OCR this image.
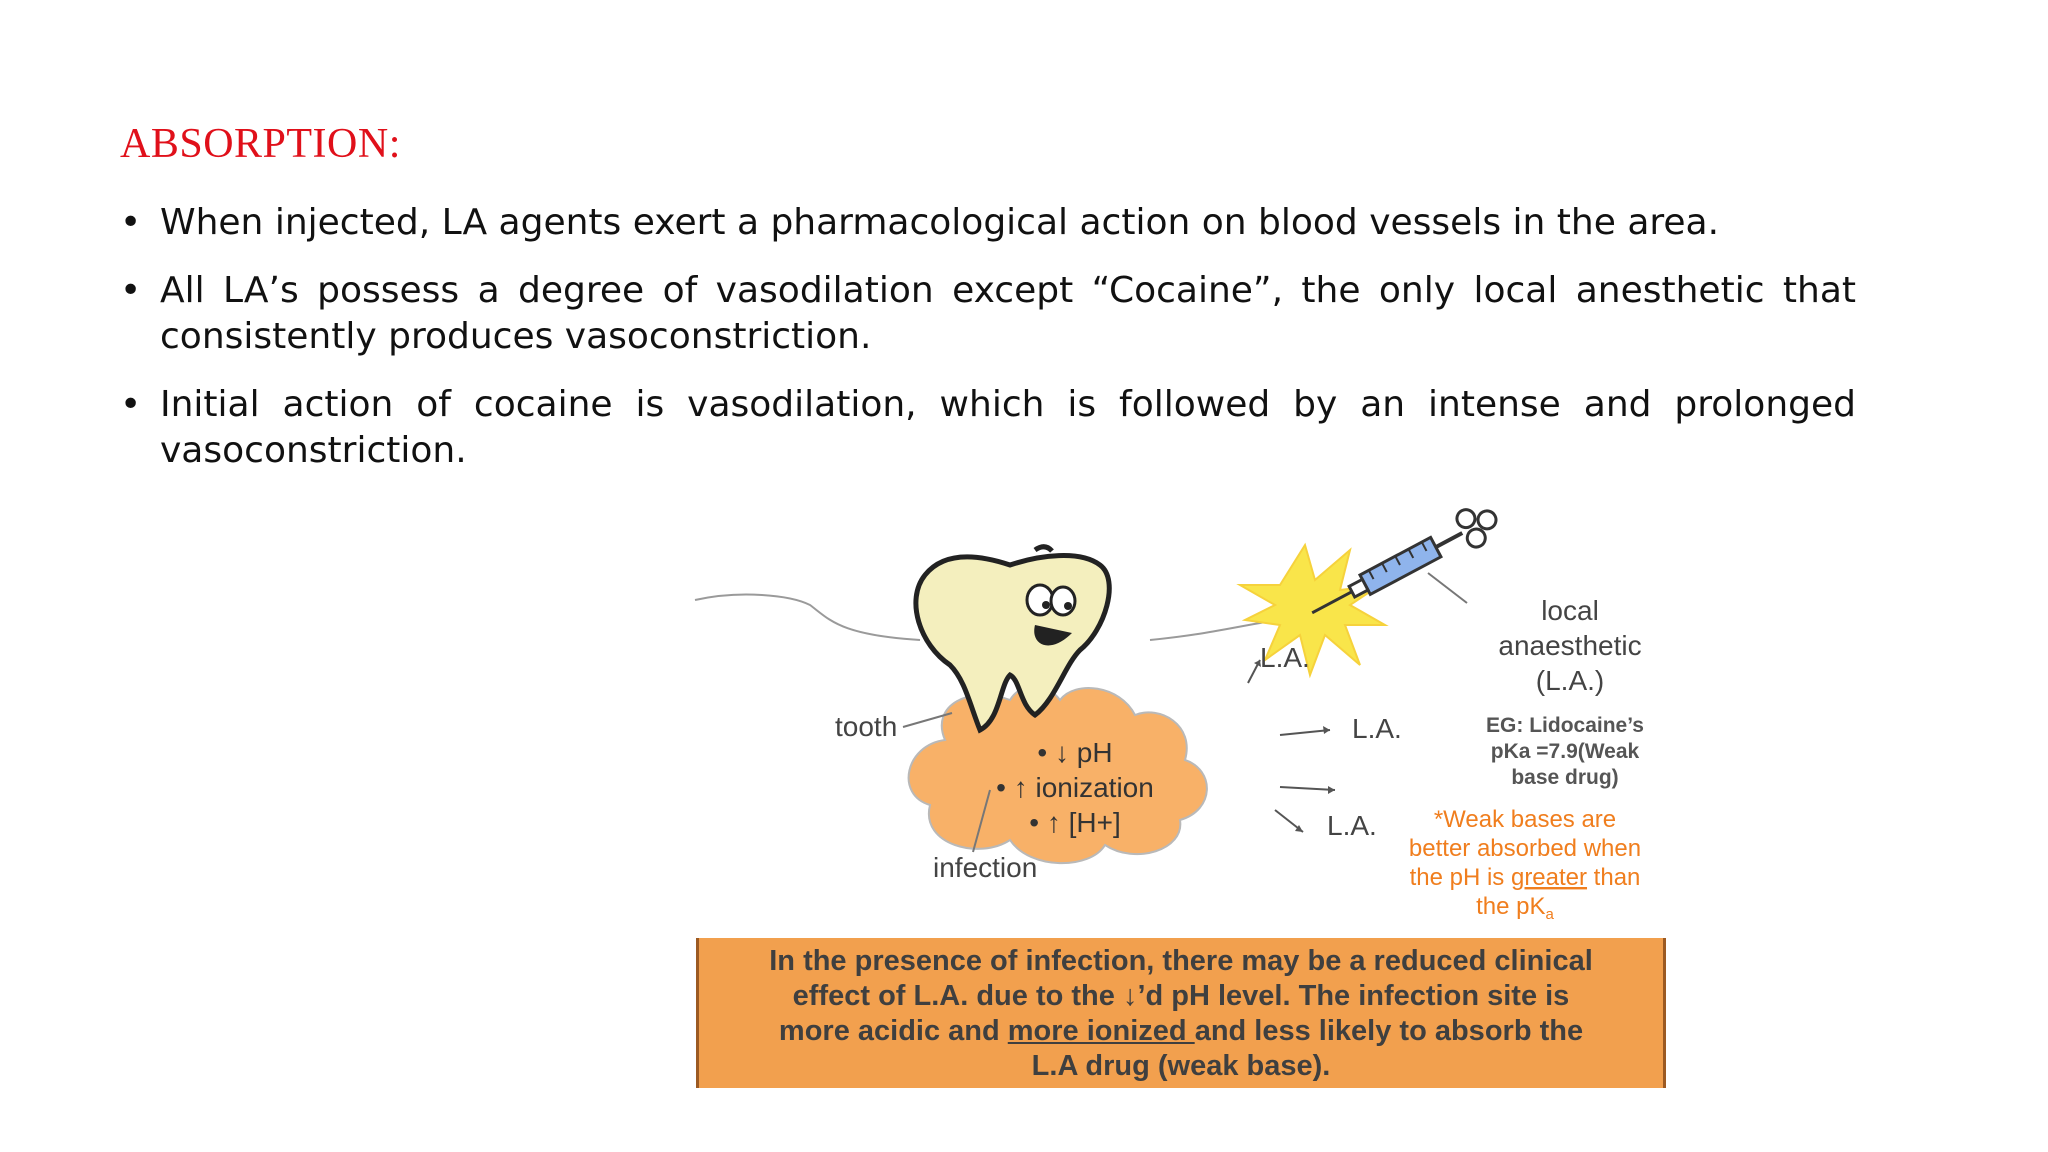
ABSORPTION:
• When injected, LA agents exert a pharmacological action on blood vessels in the area.
• All LA’s possess a degree of vasodilation except “Cocaine”, the only local anesthetic that consistently produces vasoconstriction.
• Initial action of cocaine is vasodilation, which is followed by an intense and prolonged vasoconstriction.
tooth
infection
L.A.
L.A.
L.A.
local
anaesthetic
(L.A.)
• ↓ pH
• ↑ ionization
• ↑ [H+]
EG: Lidocaine’s
pKa =7.9(Weak
base drug)
*Weak bases are
better absorbed when
the pH is greater than
the $pK_a$
In the presence of infection, there may be a reduced clinical
effect of L.A. due to the ↓’d pH level. The infection site is
more acidic and more ionized and less likely to absorb the
L.A drug (weak base).
